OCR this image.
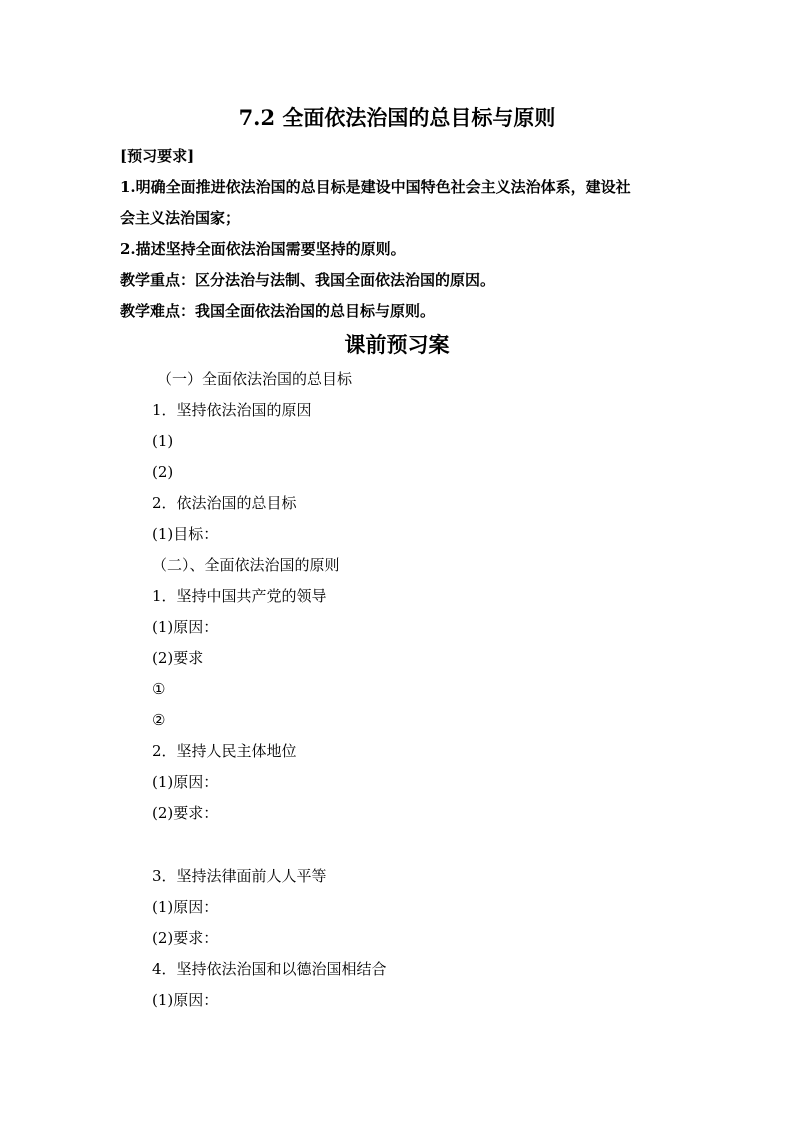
7.2 全面依法治国的总目标与原则
[预习要求]
1.明确全面推进依法治国的总目标是建设中国特色社会主义法治体系，建设社
会主义法治国家；
2.描述坚持全面依法治国需要坚持的原则。
教学重点：区分法治与法制、我国全面依法治国的原因。
教学难点：我国全面依法治国的总目标与原则。
课前预习案
（一）全面依法治国的总目标
1．坚持依法治国的原因
(1)
(2)
2．依法治国的总目标
(1)目标：
（二）、全面依法治国的原则
1．坚持中国共产党的领导
(1)原因：
(2)要求
①
②
2．坚持人民主体地位
(1)原因：
(2)要求：
3．坚持法律面前人人平等
(1)原因：
(2)要求：
4．坚持依法治国和以德治国相结合
(1)原因：
